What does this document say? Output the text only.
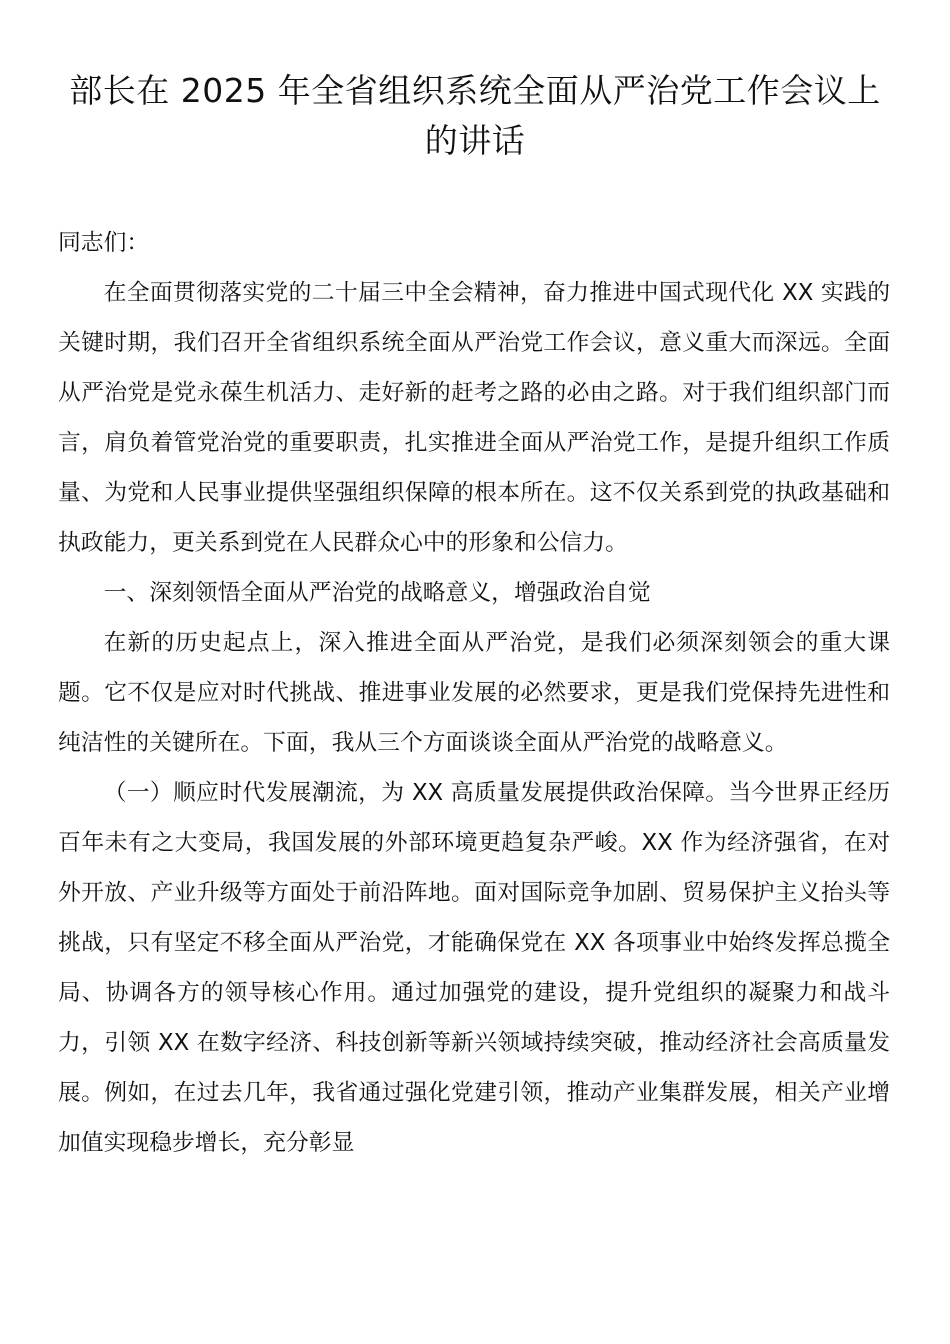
部长在 2025 年全省组织系统全面从严治党工作会议上的讲话

同志们：

在全面贯彻落实党的二十届三中全会精神，奋力推进中国式现代化 XX 实践的关键时期，我们召开全省组织系统全面从严治党工作会议，意义重大而深远。全面从严治党是党永葆生机活力、走好新的赶考之路的必由之路。对于我们组织部门而言，肩负着管党治党的重要职责，扎实推进全面从严治党工作，是提升组织工作质量、为党和人民事业提供坚强组织保障的根本所在。这不仅关系到党的执政基础和执政能力，更关系到党在人民群众心中的形象和公信力。

一、深刻领悟全面从严治党的战略意义，增强政治自觉

在新的历史起点上，深入推进全面从严治党，是我们必须深刻领会的重大课题。它不仅是应对时代挑战、推进事业发展的必然要求，更是我们党保持先进性和纯洁性的关键所在。下面，我从三个方面谈谈全面从严治党的战略意义。

（一）顺应时代发展潮流，为 XX 高质量发展提供政治保障。当今世界正经历百年未有之大变局，我国发展的外部环境更趋复杂严峻。XX 作为经济强省，在对外开放、产业升级等方面处于前沿阵地。面对国际竞争加剧、贸易保护主义抬头等挑战，只有坚定不移全面从严治党，才能确保党在 XX 各项事业中始终发挥总揽全局、协调各方的领导核心作用。通过加强党的建设，提升党组织的凝聚力和战斗力，引领 XX 在数字经济、科技创新等新兴领域持续突破，推动经济社会高质量发展。例如，在过去几年，我省通过强化党建引领，推动产业集群发展，相关产业增加值实现稳步增长，充分彰显
